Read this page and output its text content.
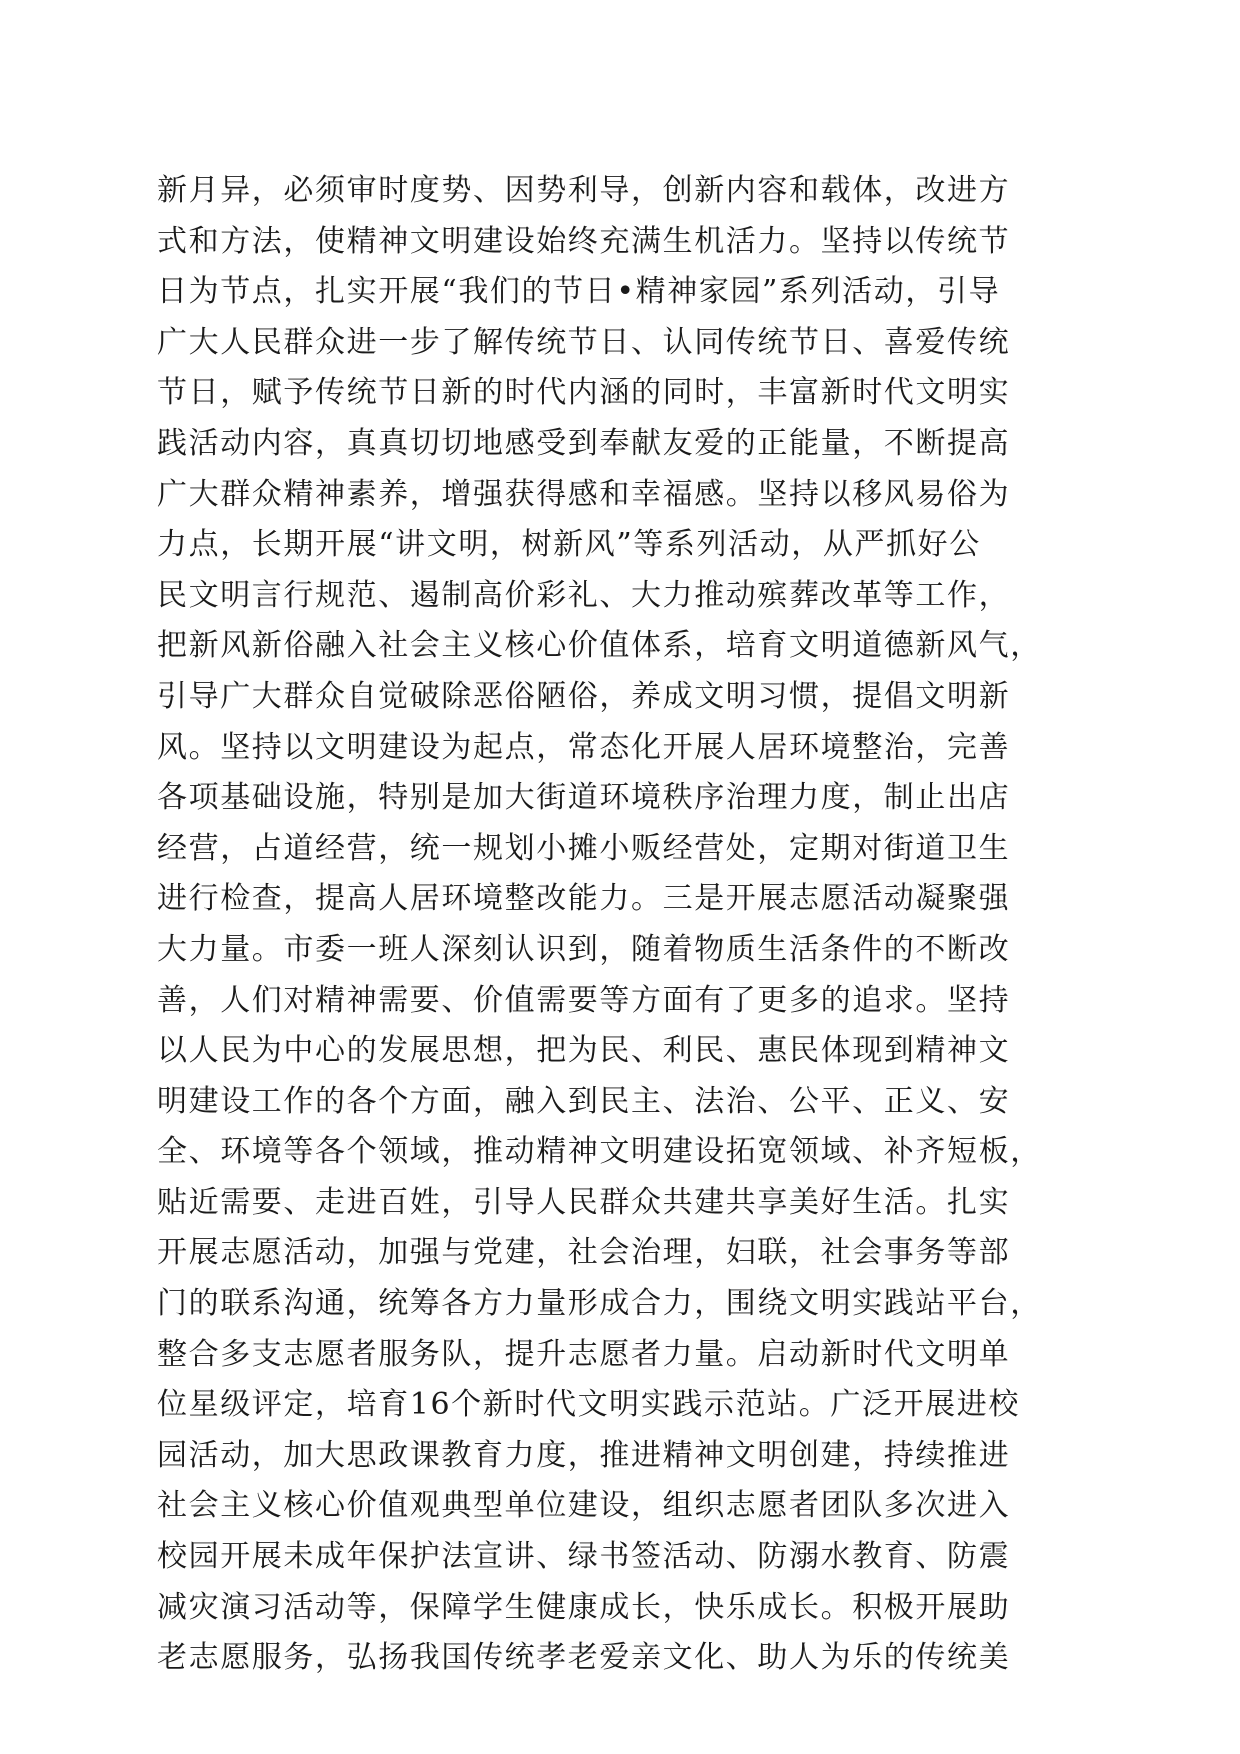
新月异，必须审时度势、因势利导，创新内容和载体，改进方
式和方法，使精神文明建设始终充满生机活力。坚持以传统节
日为节点，扎实开展“我们的节日•精神家园”系列活动，引导
广大人民群众进一步了解传统节日、认同传统节日、喜爱传统
节日，赋予传统节日新的时代内涵的同时，丰富新时代文明实
践活动内容，真真切切地感受到奉献友爱的正能量，不断提高
广大群众精神素养，增强获得感和幸福感。坚持以移风易俗为
力点，长期开展“讲文明，树新风”等系列活动，从严抓好公
民文明言行规范、遏制高价彩礼、大力推动殡葬改革等工作，
把新风新俗融入社会主义核心价值体系，培育文明道德新风气，
引导广大群众自觉破除恶俗陋俗，养成文明习惯，提倡文明新
风。坚持以文明建设为起点，常态化开展人居环境整治，完善
各项基础设施，特别是加大街道环境秩序治理力度，制止出店
经营，占道经营，统一规划小摊小贩经营处，定期对街道卫生
进行检查，提高人居环境整改能力。三是开展志愿活动凝聚强
大力量。市委一班人深刻认识到，随着物质生活条件的不断改
善，人们对精神需要、价值需要等方面有了更多的追求。坚持
以人民为中心的发展思想，把为民、利民、惠民体现到精神文
明建设工作的各个方面，融入到民主、法治、公平、正义、安
全、环境等各个领域，推动精神文明建设拓宽领域、补齐短板，
贴近需要、走进百姓，引导人民群众共建共享美好生活。扎实
开展志愿活动，加强与党建，社会治理，妇联，社会事务等部
门的联系沟通，统筹各方力量形成合力，围绕文明实践站平台，
整合多支志愿者服务队，提升志愿者力量。启动新时代文明单
位星级评定，培育16个新时代文明实践示范站。广泛开展进校
园活动，加大思政课教育力度，推进精神文明创建，持续推进
社会主义核心价值观典型单位建设，组织志愿者团队多次进入
校园开展未成年保护法宣讲、绿书签活动、防溺水教育、防震
减灾演习活动等，保障学生健康成长，快乐成长。积极开展助
老志愿服务，弘扬我国传统孝老爱亲文化、助人为乐的传统美
